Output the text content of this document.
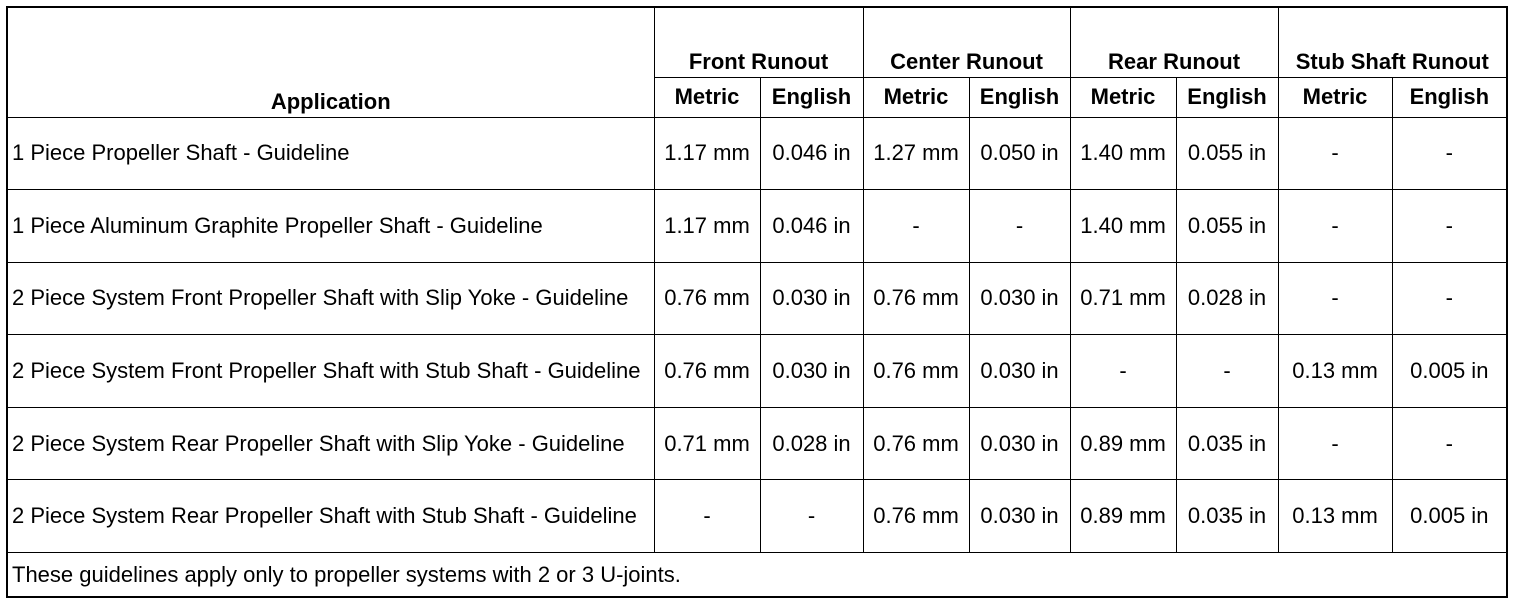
Application	Front Runout		Center Runout		Rear Runout		Stub Shaft Runout	
	Metric	English	Metric	English	Metric	English	Metric	English
1 Piece Propeller Shaft - Guideline	1.17 mm	0.046 in	1.27 mm	0.050 in	1.40 mm	0.055 in	-	-
1 Piece Aluminum Graphite Propeller Shaft - Guideline	1.17 mm	0.046 in	-	-	1.40 mm	0.055 in	-	-
2 Piece System Front Propeller Shaft with Slip Yoke - Guideline	0.76 mm	0.030 in	0.76 mm	0.030 in	0.71 mm	0.028 in	-	-
2 Piece System Front Propeller Shaft with Stub Shaft - Guideline	0.76 mm	0.030 in	0.76 mm	0.030 in	-	-	0.13 mm	0.005 in
2 Piece System Rear Propeller Shaft with Slip Yoke - Guideline	0.71 mm	0.028 in	0.76 mm	0.030 in	0.89 mm	0.035 in	-	-
2 Piece System Rear Propeller Shaft with Stub Shaft - Guideline	-	-	0.76 mm	0.030 in	0.89 mm	0.035 in	0.13 mm	0.005 in
These guidelines apply only to propeller systems with 2 or 3 U-joints.								
